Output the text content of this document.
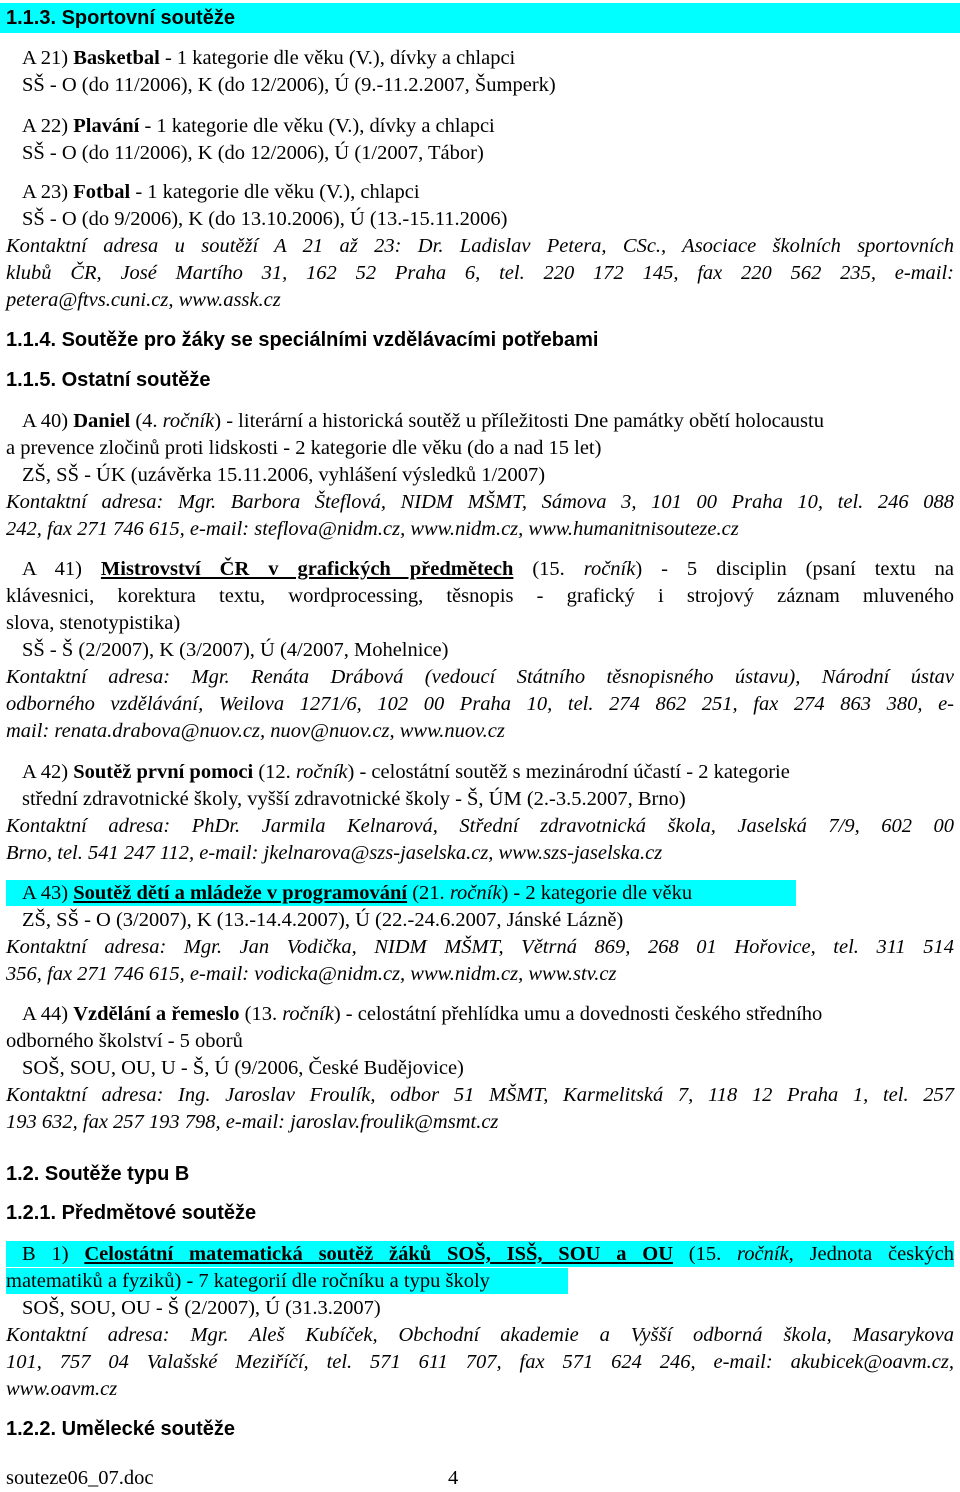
1.1.3. Sportovní soutěže
A 21) Basketbal - 1 kategorie dle věku (V.), dívky a chlapci
SŠ - O (do 11/2006), K (do 12/2006), Ú (9.-11.2.2007, Šumperk)
A 22) Plavání - 1 kategorie dle věku (V.), dívky a chlapci
SŠ - O (do 11/2006), K (do 12/2006), Ú (1/2007, Tábor)
A 23) Fotbal - 1 kategorie dle věku (V.), chlapci
SŠ - O (do 9/2006), K (do 13.10.2006), Ú (13.-15.11.2006)
Kontaktní adresa u soutěží A 21 až 23: Dr. Ladislav Petera, CSc., Asociace školních sportovních
klubů ČR, José Martího 31, 162 52 Praha 6, tel. 220 172 145, fax 220 562 235, e-mail:
petera@ftvs.cuni.cz, www.assk.cz
1.1.4. Soutěže pro žáky se speciálními vzdělávacími potřebami
1.1.5. Ostatní soutěže
A 40) Daniel (4. ročník) - literární a historická soutěž u příležitosti Dne památky obětí holocaustu
a prevence zločinů proti lidskosti - 2 kategorie dle věku (do a nad 15 let)
ZŠ, SŠ - ÚK (uzávěrka 15.11.2006, vyhlášení výsledků 1/2007)
Kontaktní adresa: Mgr. Barbora Šteflová, NIDM MŠMT, Sámova 3, 101 00 Praha 10, tel. 246 088
242, fax 271 746 615, e-mail: steflova@nidm.cz, www.nidm.cz, www.humanitnisouteze.cz
A 41) Mistrovství ČR v grafických předmětech (15. ročník) - 5 disciplin (psaní textu na
klávesnici, korektura textu, wordprocessing, těsnopis - grafický i strojový záznam mluveného
slova, stenotypistika)
SŠ - Š (2/2007), K (3/2007), Ú (4/2007, Mohelnice)
Kontaktní adresa: Mgr. Renáta Drábová (vedoucí Státního těsnopisného ústavu), Národní ústav
odborného vzdělávání, Weilova 1271/6, 102 00 Praha 10, tel. 274 862 251, fax 274 863 380, e-
mail: renata.drabova@nuov.cz, nuov@nuov.cz, www.nuov.cz
A 42) Soutěž první pomoci (12. ročník) - celostátní soutěž s mezinárodní účastí - 2 kategorie
střední zdravotnické školy, vyšší zdravotnické školy - Š, ÚM (2.-3.5.2007, Brno)
Kontaktní adresa: PhDr. Jarmila Kelnarová, Střední zdravotnická škola, Jaselská 7/9, 602 00
Brno, tel. 541 247 112, e-mail: jkelnarova@szs-jaselska.cz, www.szs-jaselska.cz
A 43) Soutěž dětí a mládeže v programování (21. ročník) - 2 kategorie dle věku
ZŠ, SŠ - O (3/2007), K (13.-14.4.2007), Ú (22.-24.6.2007, Jánské Lázně)
Kontaktní adresa: Mgr. Jan Vodička, NIDM MŠMT, Větrná 869, 268 01 Hořovice, tel. 311 514
356, fax 271 746 615, e-mail: vodicka@nidm.cz, www.nidm.cz, www.stv.cz
A 44) Vzdělání a řemeslo (13. ročník) - celostátní přehlídka umu a dovednosti českého středního
odborného školství - 5 oborů
SOŠ, SOU, OU, U - Š, Ú (9/2006, České Budějovice)
Kontaktní adresa: Ing. Jaroslav Froulík, odbor 51 MŠMT, Karmelitská 7, 118 12 Praha 1, tel. 257
193 632, fax 257 193 798, e-mail: jaroslav.froulik@msmt.cz
1.2. Soutěže typu B
1.2.1. Předmětové soutěže
B 1) Celostátní matematická soutěž žáků SOŠ, ISŠ, SOU a OU (15. ročník, Jednota českých
matematiků a fyziků) - 7 kategorií dle ročníku a typu školy
SOŠ, SOU, OU - Š (2/2007), Ú (31.3.2007)
Kontaktní adresa: Mgr. Aleš Kubíček, Obchodní akademie a Vyšší odborná škola, Masarykova
101, 757 04 Valašské Meziříčí, tel. 571 611 707, fax 571 624 246, e-mail: akubicek@oavm.cz,
www.oavm.cz
1.2.2. Umělecké soutěže
souteze06_07.doc	4
